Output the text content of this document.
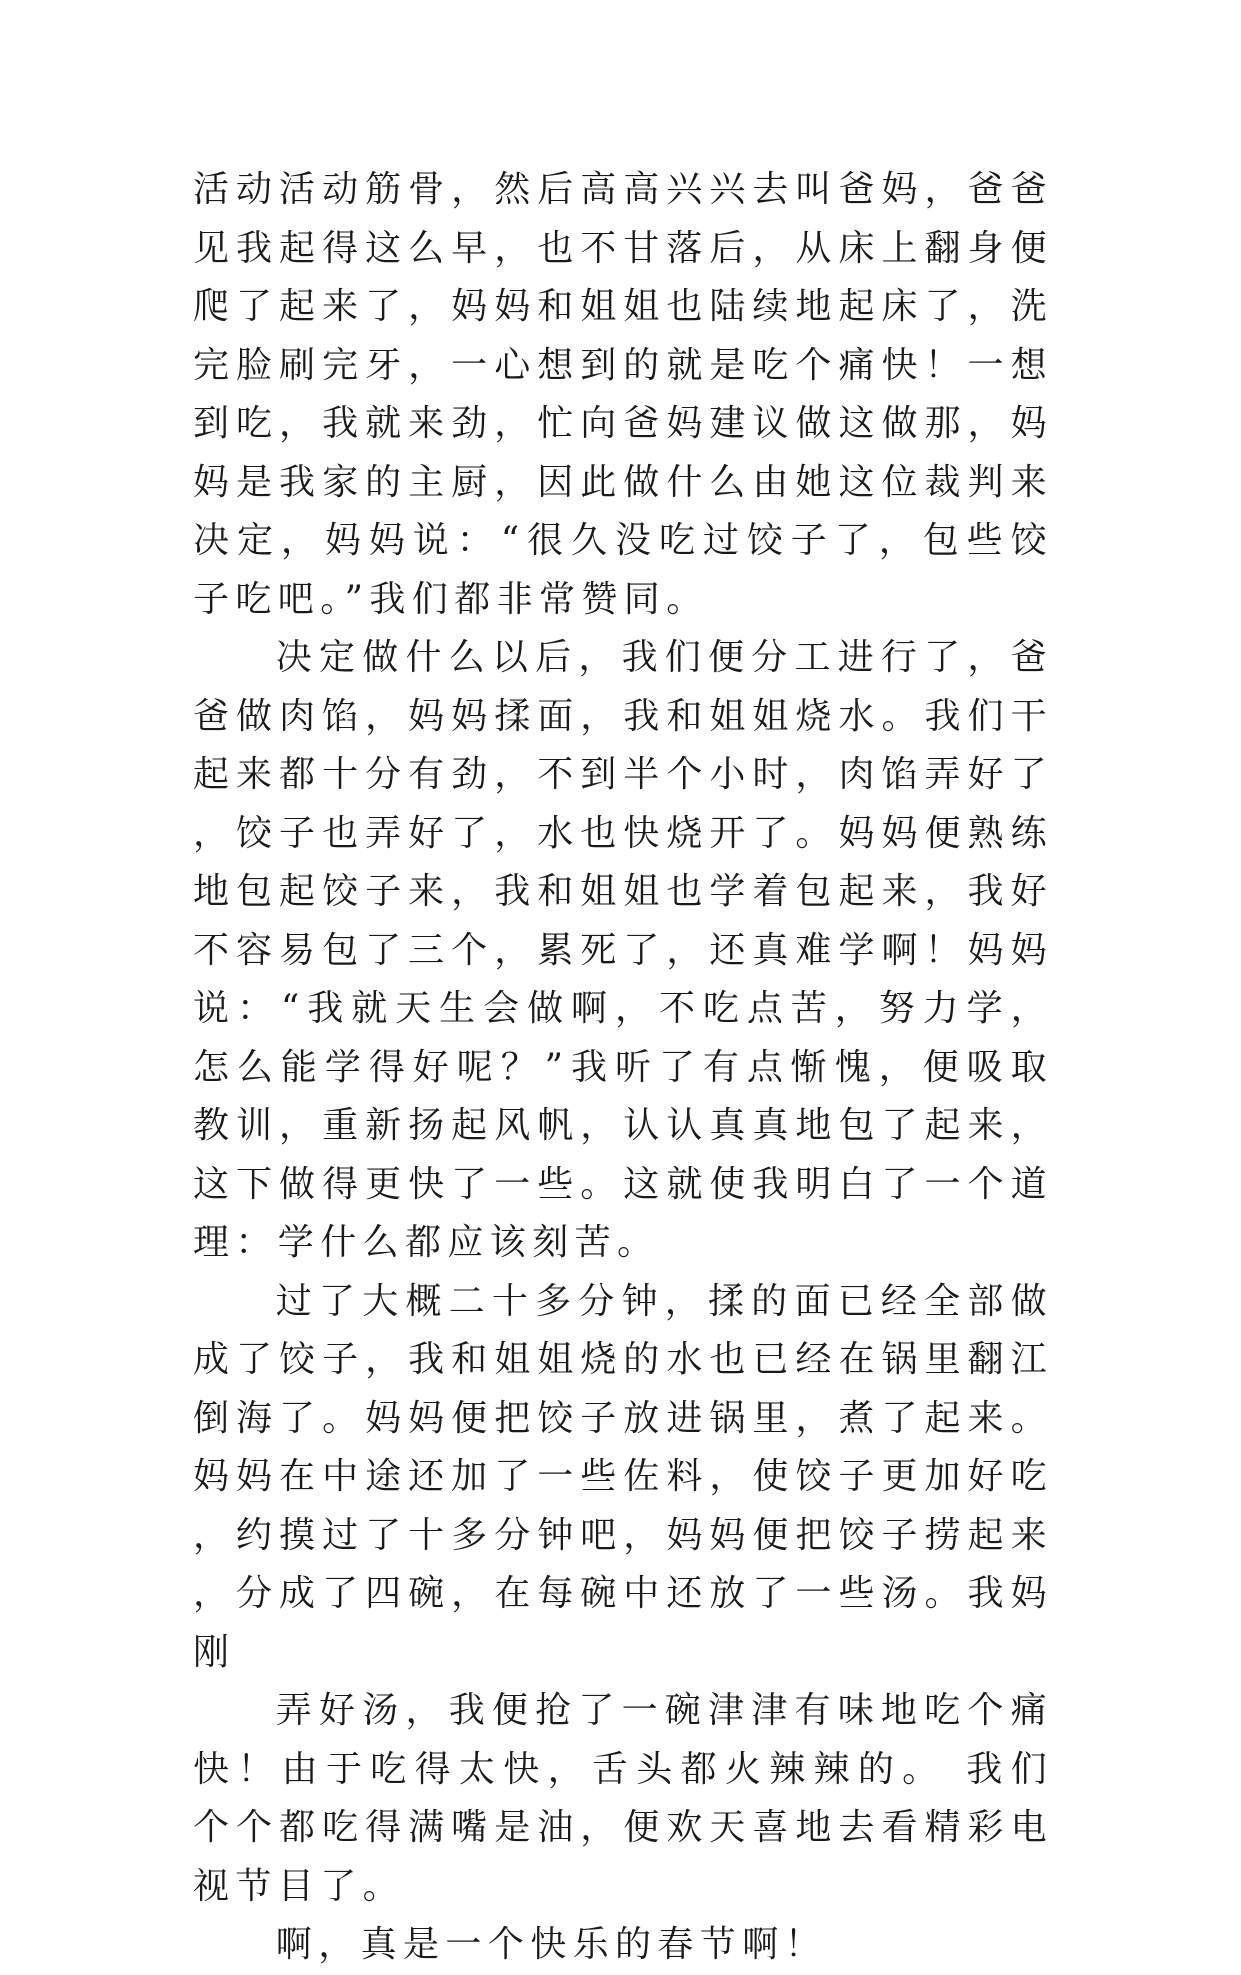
活动活动筋骨，然后高高兴兴去叫爸妈，爸爸见我起得这么早，也不甘落后，从床上翻身便爬了起来了，妈妈和姐姐也陆续地起床了，洗完脸刷完牙，一心想到的就是吃个痛快！一想到吃，我就来劲，忙向爸妈建议做这做那，妈妈是我家的主厨，因此做什么由她这位裁判来决定，妈妈说：“很久没吃过饺子了，包些饺子吃吧。”我们都非常赞同。

决定做什么以后，我们便分工进行了，爸爸做肉馅，妈妈揉面，我和姐姐烧水。我们干起来都十分有劲，不到半个小时，肉馅弄好了，饺子也弄好了，水也快烧开了。妈妈便熟练地包起饺子来，我和姐姐也学着包起来，我好不容易包了三个，累死了，还真难学啊！妈妈说：“我就天生会做啊，不吃点苦，努力学，怎么能学得好呢？”我听了有点惭愧，便吸取教训，重新扬起风帆，认认真真地包了起来，这下做得更快了一些。这就使我明白了一个道理：学什么都应该刻苦。

过了大概二十多分钟，揉的面已经全部做成了饺子，我和姐姐烧的水也已经在锅里翻江倒海了。妈妈便把饺子放进锅里，煮了起来。妈妈在中途还加了一些佐料，使饺子更加好吃，约摸过了十多分钟吧，妈妈便把饺子捞起来，分成了四碗，在每碗中还放了一些汤。我妈刚

弄好汤，我便抢了一碗津津有味地吃个痛快！由于吃得太快，舌头都火辣辣的。 我们个个都吃得满嘴是油，便欢天喜地去看精彩电视节目了。

啊，真是一个快乐的春节啊！
